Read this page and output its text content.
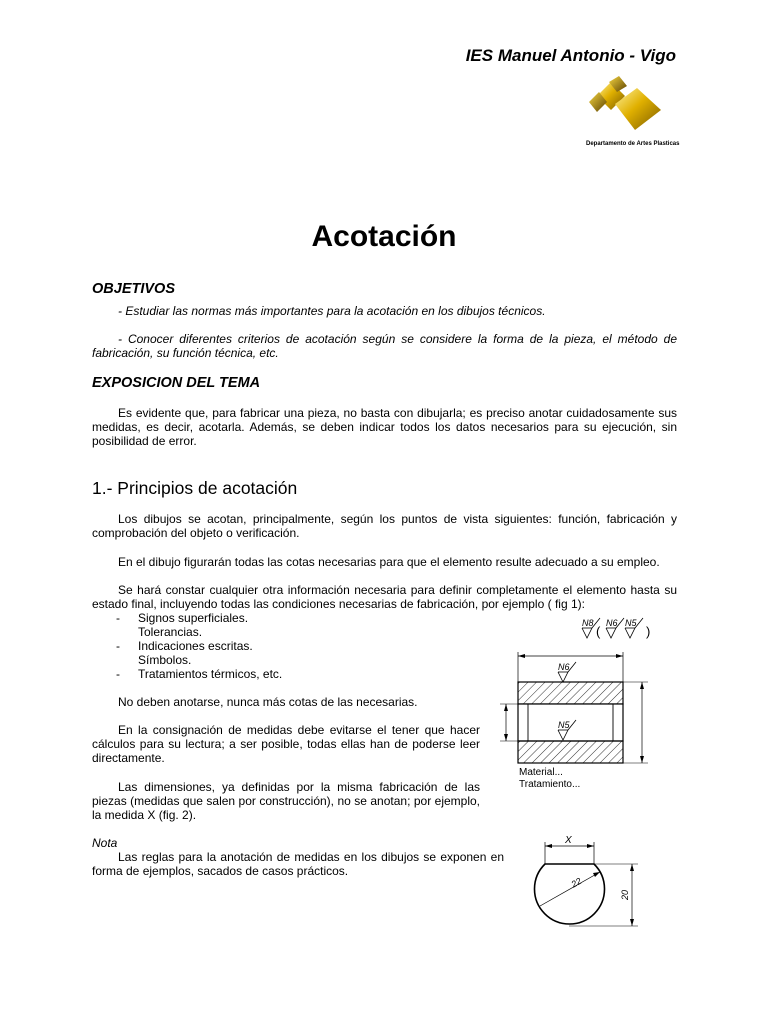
IES Manuel Antonio - Vigo
Departamento de Artes Plasticas
Acotación
OBJETIVOS
- Estudiar las normas más importantes para la acotación en los dibujos técnicos.
- Conocer diferentes criterios de acotación según se considere la forma de la pieza, el método de fabricación, su función técnica, etc.
EXPOSICION DEL TEMA
Es evidente que, para fabricar una pieza, no basta con dibujarla; es preciso anotar cuidadosamente sus medidas, es decir, acotarla. Además, se deben indicar todos los datos necesarios para su ejecución, sin posibilidad de error.
1.- Principios de acotación
Los dibujos se acotan, principalmente, según los puntos de vista siguientes: función, fabricación y comprobación del objeto o verificación.
En el dibujo figurarán todas las cotas necesarias para que el elemento resulte adecuado a su empleo.
Se hará constar cualquier otra información necesaria para definir completamente el elemento hasta su estado final, incluyendo todas las condiciones necesarias de fabricación, por ejemplo ( fig 1):
- Signos superficiales.
Tolerancias.
- Indicaciones escritas.
Símbolos.
- Tratamientos térmicos, etc.
No deben anotarse, nunca más cotas de las necesarias.
En la consignación de medidas debe evitarse el tener que hacer cálculos para su lectura; a ser posible, todas ellas han de poderse leer directamente.
Las dimensiones, ya definidas por la misma fabricación de las piezas (medidas que salen por construcción), no se anotan; por ejemplo, la medida X (fig. 2).
Nota
Las reglas para la anotación de medidas en los dibujos se exponen en forma de ejemplos, sacados de casos prácticos.
N8
(
N6 N5
)
N6
N5
Material...
Tratamiento...
X
22
20
